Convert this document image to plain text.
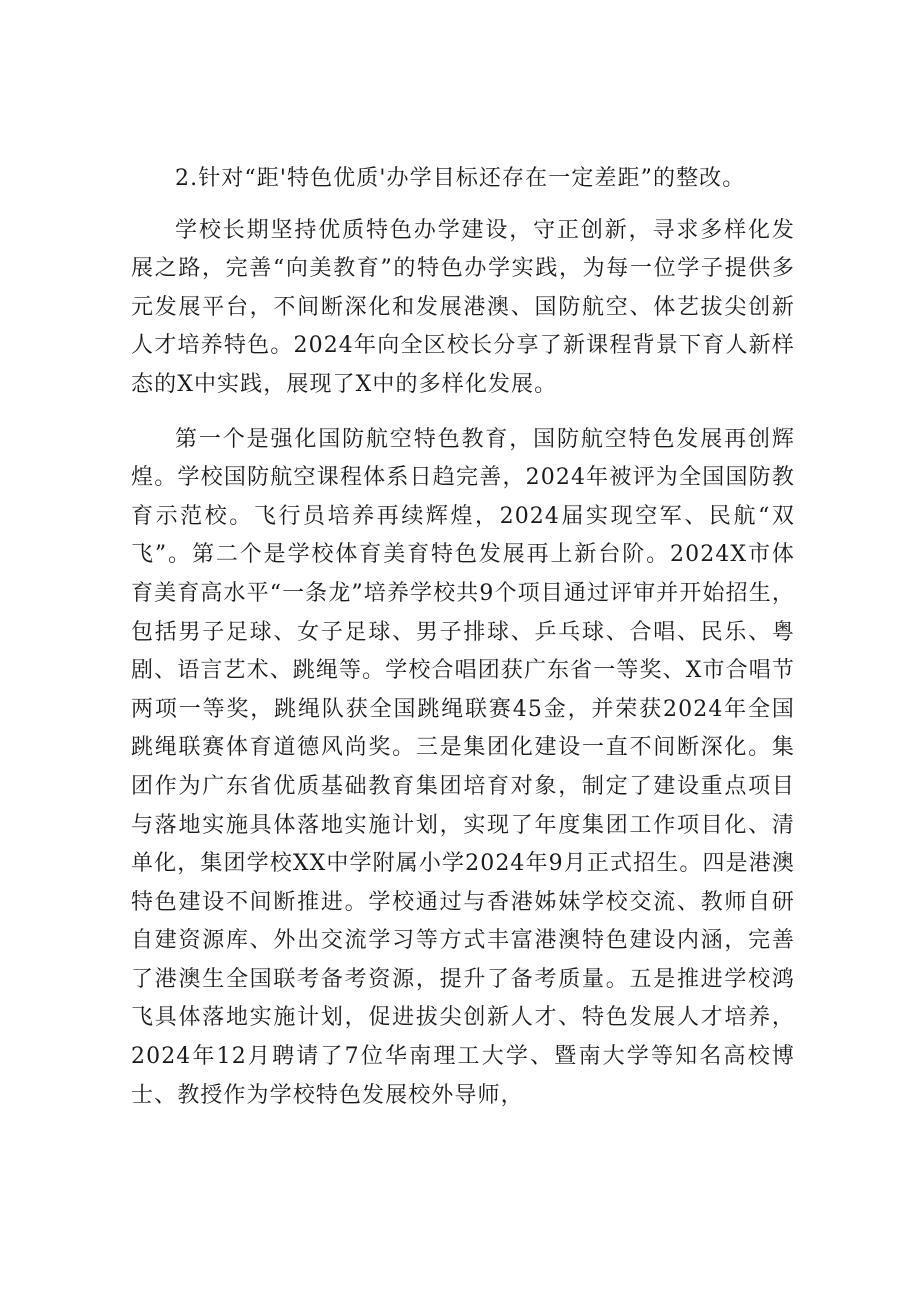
2.针对“距'特色优质'办学目标还存在一定差距”的整改。

学校长期坚持优质特色办学建设，守正创新，寻求多样化发展之路，完善“向美教育”的特色办学实践，为每一位学子提供多元发展平台，不间断深化和发展港澳、国防航空、体艺拔尖创新人才培养特色。2024年向全区校长分享了新课程背景下育人新样态的X中实践，展现了X中的多样化发展。

第一个是强化国防航空特色教育，国防航空特色发展再创辉煌。学校国防航空课程体系日趋完善，2024年被评为全国国防教育示范校。飞行员培养再续辉煌，2024届实现空军、民航“双飞”。第二个是学校体育美育特色发展再上新台阶。2024X市体育美育高水平“一条龙”培养学校共9个项目通过评审并开始招生，包括男子足球、女子足球、男子排球、乒乓球、合唱、民乐、粤剧、语言艺术、跳绳等。学校合唱团获广东省一等奖、X市合唱节两项一等奖，跳绳队获全国跳绳联赛45金，并荣获2024年全国跳绳联赛体育道德风尚奖。三是集团化建设一直不间断深化。集团作为广东省优质基础教育集团培育对象，制定了建设重点项目与落地实施具体落地实施计划，实现了年度集团工作项目化、清单化，集团学校XX中学附属小学2024年9月正式招生。四是港澳特色建设不间断推进。学校通过与香港姊妹学校交流、教师自研自建资源库、外出交流学习等方式丰富港澳特色建设内涵，完善了港澳生全国联考备考资源，提升了备考质量。五是推进学校鸿飞具体落地实施计划，促进拔尖创新人才、特色发展人才培养，2024年12月聘请了7位华南理工大学、暨南大学等知名高校博士、教授作为学校特色发展校外导师，
